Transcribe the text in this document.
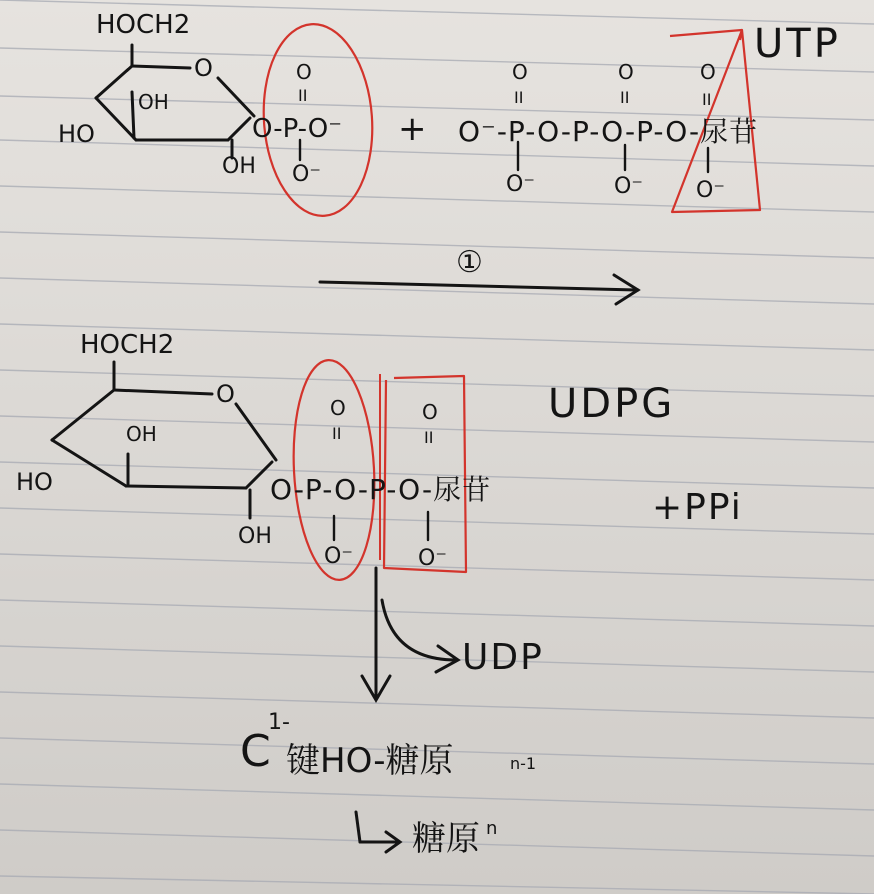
HOCH2
O
OH
HO
OH
O
II
O-P-O⁻
O⁻
+
O	O	O
II	II	II
O⁻-P-O-P-O-P-O-尿苷
O⁻	O⁻ O⁻
UTP
①
HOCH2
O
OH
HO
OH
O	O
II	II
O-P-O-P-O-尿苷
O⁻	O⁻
UDPG
+PPi
UDP
C
1-
键HO-糖原	n-1
糖原 n
